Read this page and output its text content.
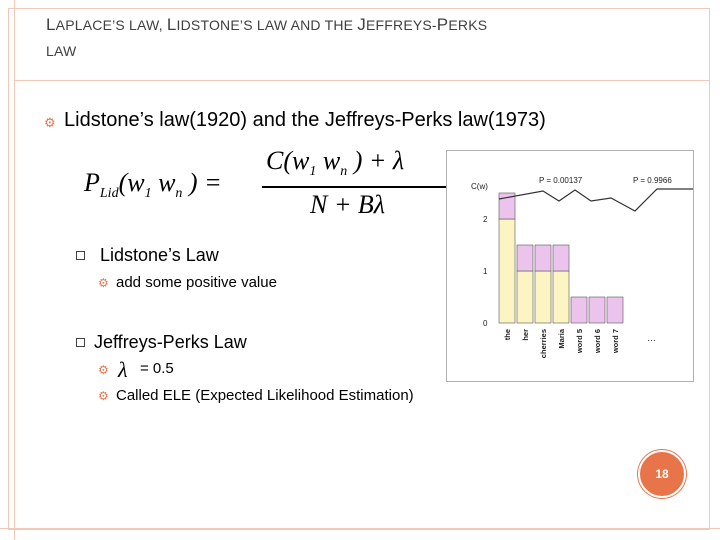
LAPLACE’S LAW, LIDSTONE’S LAW AND THE JEFFREYS-PERKS
LAW
⚙ Lidstone’s law(1920) and the Jeffreys-Perks law(1973)
$P_{Lid}(w_1$ $w_n$ ) =
$C(w_1$ $w_n$ ) + λ
N + Bλ
Lidstone’s Law
⚙ add some positive value
Jeffreys-Perks Law
⚙ λ = 0.5
⚙ Called ELE (Expected Likelihood Estimation)
C(w)
0
1
2
the her cherries Maria word 5 word 6 word 7	…
P = 0.00137	P = 0.9966
18
